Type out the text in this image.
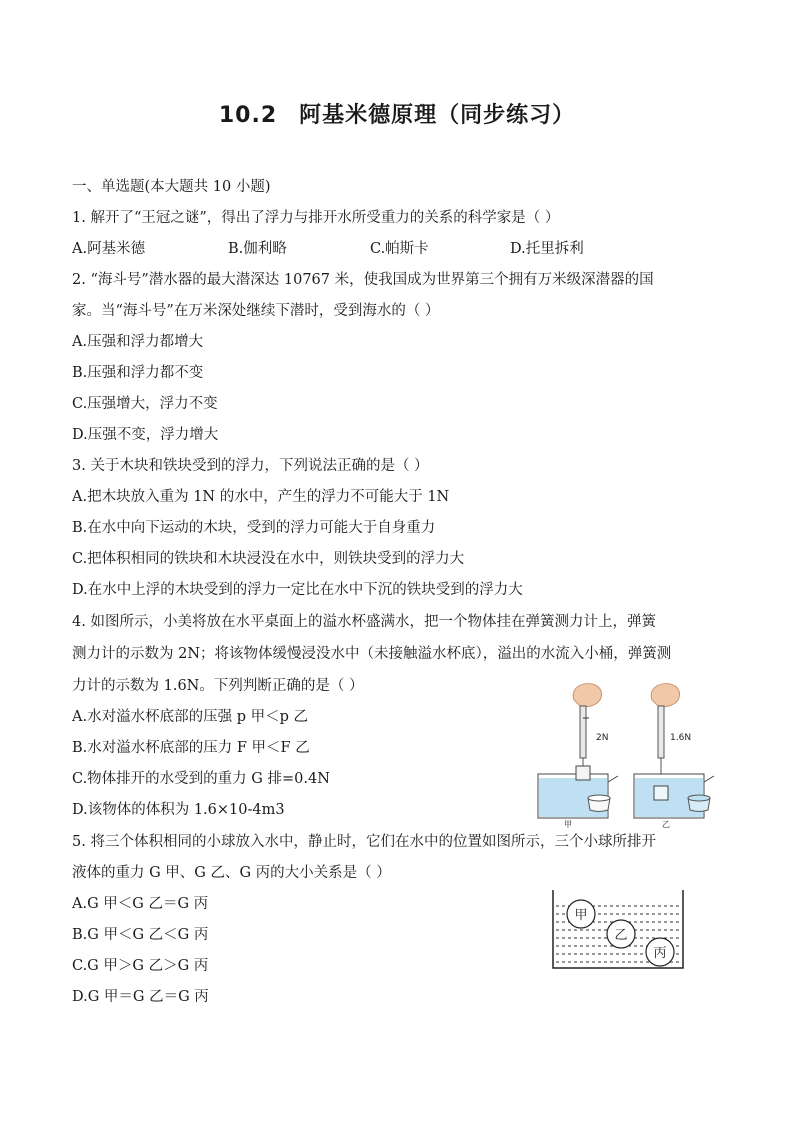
10.2 阿基米德原理（同步练习）
一、单选题(本大题共 10 小题)
1. 解开了“王冠之谜”，得出了浮力与排开水所受重力的关系的科学家是（ ）
A.阿基米德	B.伽利略	C.帕斯卡	D.托里拆利
2. “海斗号”潜水器的最大潜深达 10767 米，使我国成为世界第三个拥有万米级深潜器的国
家。当“海斗号”在万米深处继续下潜时，受到海水的（ ）
A.压强和浮力都增大
B.压强和浮力都不变
C.压强增大，浮力不变
D.压强不变，浮力增大
3. 关于木块和铁块受到的浮力，下列说法正确的是（ ）
A.把木块放入重为 1N 的水中，产生的浮力不可能大于 1N
B.在水中向下运动的木块，受到的浮力可能大于自身重力
C.把体积相同的铁块和木块浸没在水中，则铁块受到的浮力大
D.在水中上浮的木块受到的浮力一定比在水中下沉的铁块受到的浮力大
4. 如图所示，小美将放在水平桌面上的溢水杯盛满水，把一个物体挂在弹簧测力计上，弹簧
测力计的示数为 2N；将该物体缓慢浸没水中（未接触溢水杯底），溢出的水流入小桶，弹簧测
力计的示数为 1.6N。下列判断正确的是（ ）
A.水对溢水杯底部的压强 p 甲＜p 乙
B.水对溢水杯底部的压力 F 甲＜F 乙
C.物体排开的水受到的重力 G 排=0.4N
D.该物体的体积为 1.6×10-4m3
2N
甲
1.6N
乙
5. 将三个体积相同的小球放入水中，静止时，它们在水中的位置如图所示，三个小球所排开
液体的重力 G 甲、G 乙、G 丙的大小关系是（ ）
A.G 甲＜G 乙＝G 丙
B.G 甲＜G 乙＜G 丙
C.G 甲＞G 乙＞G 丙
D.G 甲＝G 乙＝G 丙
甲
乙
丙
